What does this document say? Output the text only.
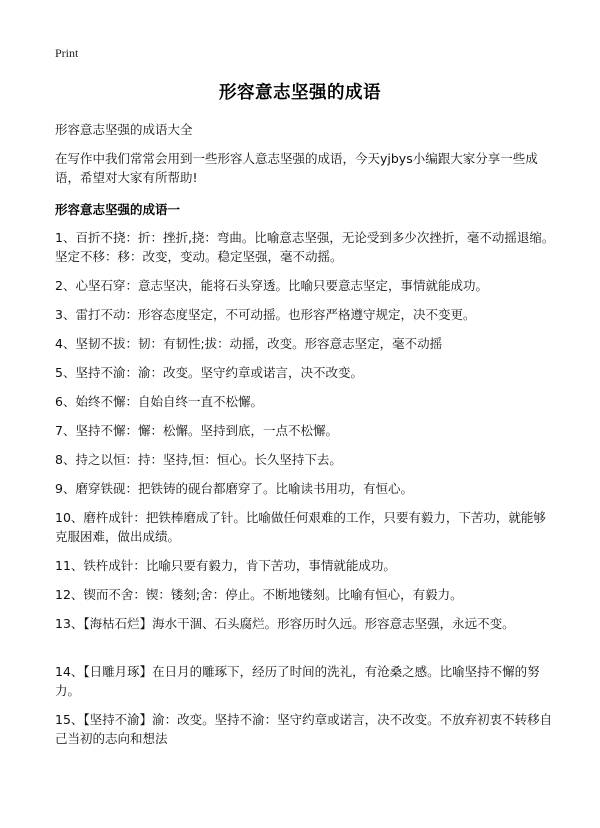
Print
形容意志坚强的成语
形容意志坚强的成语大全
在写作中我们常常会用到一些形容人意志坚强的成语，今天yjbys小编跟大家分享一些成语，希望对大家有所帮助!
形容意志坚强的成语一
1、百折不挠：折：挫折,挠：弯曲。比喻意志坚强，无论受到多少次挫折，毫不动摇退缩。坚定不移：移：改变，变动。稳定坚强，毫不动摇。
2、心坚石穿：意志坚决，能将石头穿透。比喻只要意志坚定，事情就能成功。
3、雷打不动：形容态度坚定，不可动摇。也形容严格遵守规定，决不变更。
4、坚韧不拔：韧：有韧性;拔：动摇，改变。形容意志坚定，毫不动摇
5、坚持不渝：渝：改变。坚守约章或诺言，决不改变。
6、始终不懈：自始自终一直不松懈。
7、坚持不懈：懈：松懈。坚持到底，一点不松懈。
8、持之以恒：持：坚持,恒：恒心。长久坚持下去。
9、磨穿铁砚：把铁铸的砚台都磨穿了。比喻读书用功，有恒心。
10、磨杵成针：把铁棒磨成了针。比喻做任何艰难的工作，只要有毅力，下苦功，就能够克服困难，做出成绩。
11、铁杵成针：比喻只要有毅力，肯下苦功，事情就能成功。
12、锲而不舍：锲：镂刻;舍：停止。不断地镂刻。比喻有恒心，有毅力。
13、【海枯石烂】海水干涸、石头腐烂。形容历时久远。形容意志坚强，永远不变。
14、【日雕月琢】在日月的雕琢下，经历了时间的洗礼，有沧桑之感。比喻坚持不懈的努力。
15、【坚持不渝】渝：改变。坚持不渝：坚守约章或诺言，决不改变。不放弃初衷不转移自己当初的志向和想法
